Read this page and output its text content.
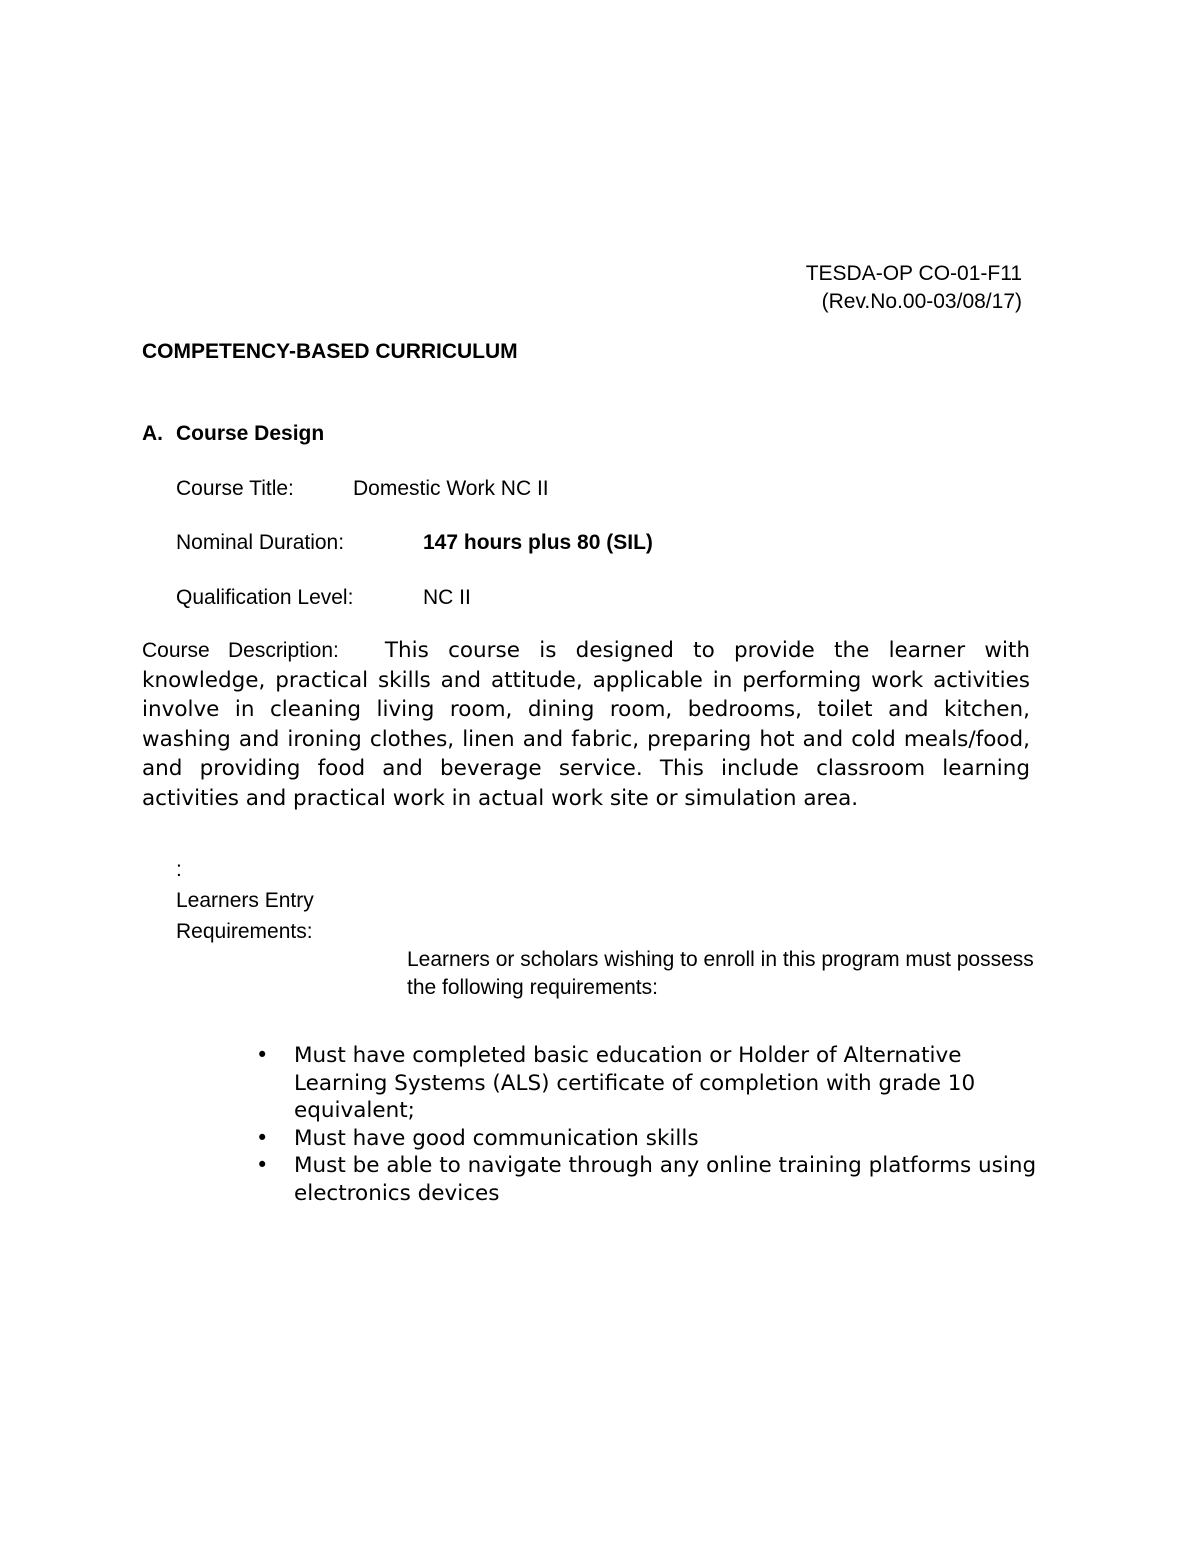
TESDA-OP CO-01-F11
(Rev.No.00-03/08/17)
COMPETENCY-BASED CURRICULUM
A. Course Design
Course Title:	Domestic Work NC II
Nominal Duration:	147 hours plus 80 (SIL)
Qualification Level:	NC II

Course Description: This course is designed to provide the learner with knowledge, practical skills and attitude, applicable in performing work activities involve in cleaning living room, dining room, bedrooms, toilet and kitchen, washing and ironing clothes, linen and fabric, preparing hot and cold meals/food, and providing food and beverage service. This include classroom learning activities and practical work in actual work site or simulation area.

:
Learners Entry
Requirements:
Learners or scholars wishing to enroll in this program must possess the following requirements:
• Must have completed basic education or Holder of Alternative Learning Systems (ALS) certificate of completion with grade 10 equivalent;
• Must have good communication skills
• Must be able to navigate through any online training platforms using electronics devices
